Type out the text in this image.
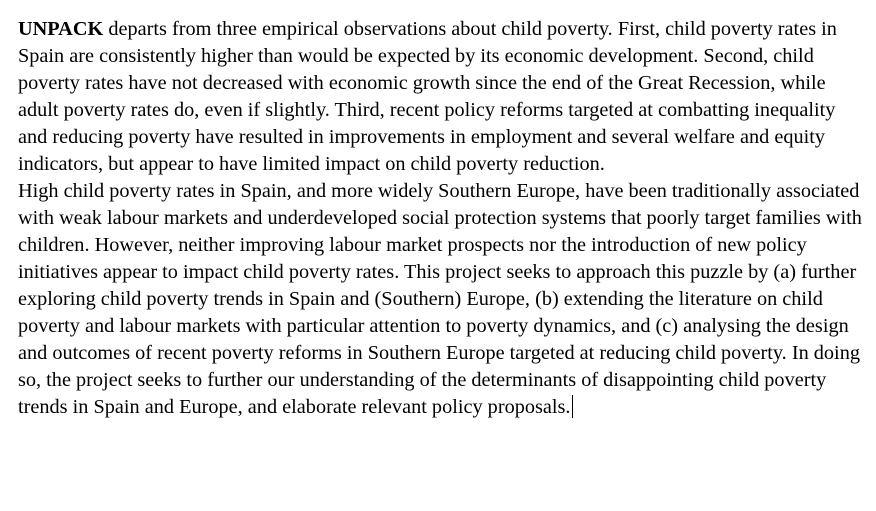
UNPACK departs from three empirical observations about child poverty. First, child poverty rates in Spain are consistently higher than would be expected by its economic development. Second, child poverty rates have not decreased with economic growth since the end of the Great Recession, while adult poverty rates do, even if slightly. Third, recent policy reforms targeted at combatting inequality and reducing poverty have resulted in improvements in employment and several welfare and equity indicators, but appear to have limited impact on child poverty reduction.

High child poverty rates in Spain, and more widely Southern Europe, have been traditionally associated with weak labour markets and underdeveloped social protection systems that poorly target families with children. However, neither improving labour market prospects nor the introduction of new policy initiatives appear to impact child poverty rates. This project seeks to approach this puzzle by (a) further exploring child poverty trends in Spain and (Southern) Europe, (b) extending the literature on child poverty and labour markets with particular attention to poverty dynamics, and (c) analysing the design and outcomes of recent poverty reforms in Southern Europe targeted at reducing child poverty. In doing so, the project seeks to further our understanding of the determinants of disappointing child poverty trends in Spain and Europe, and elaborate relevant policy proposals.
